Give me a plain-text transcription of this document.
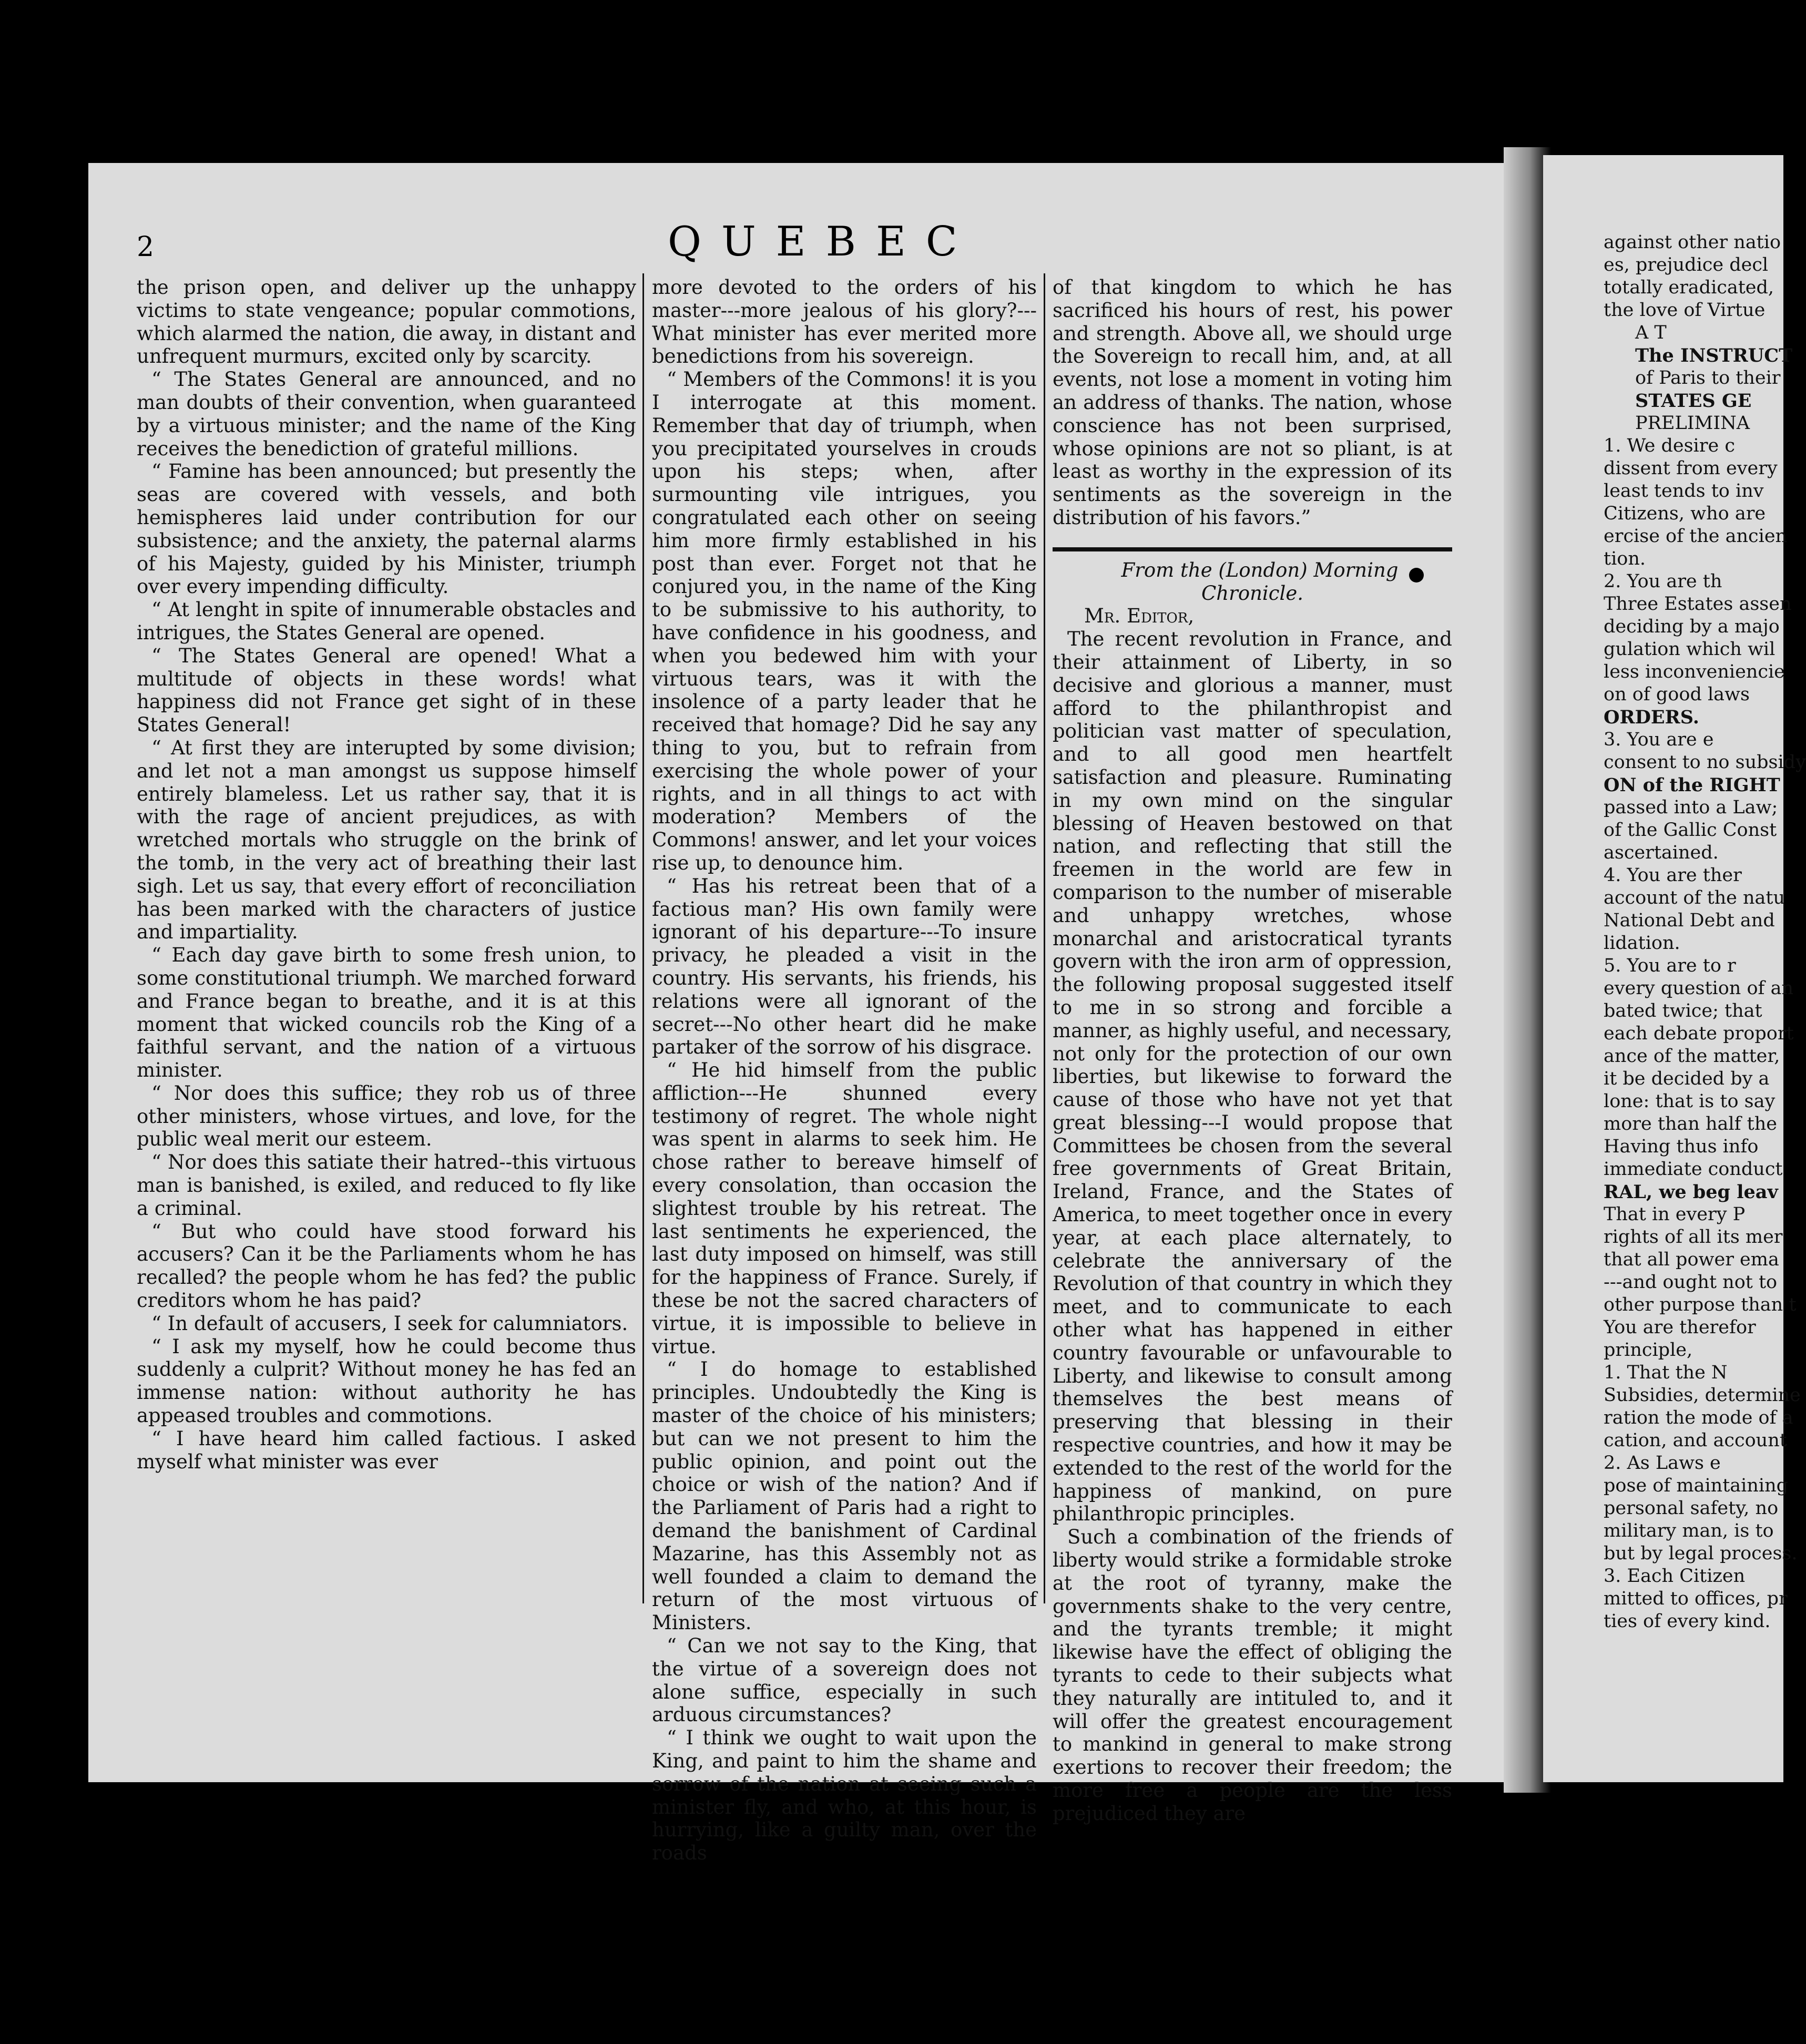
2	QUEBEC

the prison open, and deliver up the unhappy victims to state vengeance; popular commotions, which alarmed the nation, die away, in distant and unfrequent murmurs, excited only by scarcity.

“ The States General are announced, and no man doubts of their convention, when guaranteed by a virtuous minister; and the name of the King receives the benediction of grateful millions.

“ Famine has been announced; but presently the seas are covered with vessels, and both hemispheres laid under contribution for our subsistence; and the anxiety, the paternal alarms of his Majesty, guided by his Minister, triumph over every impending difficulty.

“ At lenght in spite of innumerable obstacles and intrigues, the States General are opened.

“ The States General are opened! What a multitude of objects in these words! what happiness did not France get sight of in these States General!

“ At first they are interupted by some division; and let not a man amongst us suppose himself entirely blameless. Let us rather say, that it is with the rage of ancient prejudices, as with wretched mortals who struggle on the brink of the tomb, in the very act of breathing their last sigh. Let us say, that every effort of reconciliation has been marked with the characters of justice and impartiality.

“ Each day gave birth to some fresh union, to some constitutional triumph. We marched forward and France began to breathe, and it is at this moment that wicked councils rob the King of a faithful servant, and the nation of a virtuous minister.

“ Nor does this suffice; they rob us of three other ministers, whose virtues, and love, for the public weal merit our esteem.

“ Nor does this satiate their hatred--this virtuous man is banished, is exiled, and reduced to fly like a criminal.

“ But who could have stood forward his accusers? Can it be the Parliaments whom he has recalled? the people whom he has fed? the public creditors whom he has paid?

“ In default of accusers, I seek for calumniators.

“ I ask my myself, how he could become thus suddenly a culprit? Without money he has fed an immense nation: without authority he has appeased troubles and commotions.

“ I have heard him called factious. I asked myself what minister was ever

more devoted to the orders of his master---more jealous of his glory?---What minister has ever merited more benedictions from his sovereign.

“ Members of the Commons! it is you I interrogate at this moment. Remember that day of triumph, when you precipitated yourselves in crouds upon his steps; when, after surmounting vile intrigues, you congratulated each other on seeing him more firmly established in his post than ever. Forget not that he conjured you, in the name of the King to be submissive to his authority, to have confidence in his goodness, and when you bedewed him with your virtuous tears, was it with the insolence of a party leader that he received that homage? Did he say any thing to you, but to refrain from exercising the whole power of your rights, and in all things to act with moderation? Members of the Commons! answer, and let your voices rise up, to denounce him.

“ Has his retreat been that of a factious man? His own family were ignorant of his departure---To insure privacy, he pleaded a visit in the country. His servants, his friends, his relations were all ignorant of the secret---No other heart did he make partaker of the sorrow of his disgrace.

“ He hid himself from the public affliction---He shunned every testimony of regret. The whole night was spent in alarms to seek him. He chose rather to bereave himself of every consolation, than occasion the slightest trouble by his retreat. The last sentiments he experienced, the last duty imposed on himself, was still for the happiness of France. Surely, if these be not the sacred characters of virtue, it is impossible to believe in virtue.

“ I do homage to established principles. Undoubtedly the King is master of the choice of his ministers; but can we not present to him the public opinion, and point out the choice or wish of the nation? And if the Parliament of Paris had a right to demand the banishment of Cardinal Mazarine, has this Assembly not as well founded a claim to demand the return of the most virtuous of Ministers.

“ Can we not say to the King, that the virtue of a sovereign does not alone suffice, especially in such arduous circumstances?

“ I think we ought to wait upon the King, and paint to him the shame and sorrow of the nation at seeing such a minister fly, and who, at this hour, is hurrying, like a guilty man, over the roads

of that kingdom to which he has sacrificed his hours of rest, his power and strength. Above all, we should urge the Sovereign to recall him, and, at all events, not lose a moment in voting him an address of thanks. The nation, whose conscience has not been surprised, whose opinions are not so pliant, is at least as worthy in the expression of its sentiments as the sovereign in the distribution of his favors.”

From the (London) Morning Chronicle.

Mr. Editor,

The recent revolution in France, and their attainment of Liberty, in so decisive and glorious a manner, must afford to the philanthropist and politician vast matter of speculation, and to all good men heartfelt satisfaction and pleasure. Ruminating in my own mind on the singular blessing of Heaven bestowed on that nation, and reflecting that still the freemen in the world are few in comparison to the number of miserable and unhappy wretches, whose monarchal and aristocratical tyrants govern with the iron arm of oppression, the following proposal suggested itself to me in so strong and forcible a manner, as highly useful, and necessary, not only for the protection of our own liberties, but likewise to forward the cause of those who have not yet that great blessing---I would propose that Committees be chosen from the several free governments of Great Britain, Ireland, France, and the States of America, to meet together once in every year, at each place alternately, to celebrate the anniversary of the Revolution of that country in which they meet, and to communicate to each other what has happened in either country favourable or unfavourable to Liberty, and likewise to consult among themselves the best means of preserving that blessing in their respective countries, and how it may be extended to the rest of the world for the happiness of mankind, on pure philanthropic principles.

Such a combination of the friends of liberty would strike a formidable stroke at the root of tyranny, make the governments shake to the very centre, and the tyrants tremble; it might likewise have the effect of obliging the tyrants to cede to their subjects what they naturally are intituled to, and it will offer the greatest encouragement to mankind in general to make strong exertions to recover their freedom; the more free a people are the less prejudiced they are

against other natio
es, prejudice decl
totally eradicated,
the love of Virtue
A T
The INSTRUCT
of Paris to their
STATES GE
PRELIMINA
1. We desire c
dissent from every
least tends to inv
Citizens, who are
ercise of the ancien
tion.
2. You are th
Three Estates assen
deciding by a majo
gulation which wil
less inconveniencie
on of good laws
ORDERS.
3. You are e
consent to no subsidy
ON of the RIGHT
passed into a Law;
of the Gallic Const
ascertained.
4. You are ther
account of the natu
National Debt and
lidation.
5. You are to r
every question of an
bated twice; that
each debate proport
ance of the matter,
it be decided by a
lone: that is to say
more than half the
Having thus info
immediate conduct
RAL, we beg leav
That in every P
rights of all its mer
that all power ema
---and ought not to
other purpose than t
You are therefor
principle,
1. That the N
Subsidies, determine
ration the mode of a
cation, and account
2. As Laws e
pose of maintaining
personal safety, no
military man, is to
but by legal process.
3. Each Citizen
mitted to offices, pr
ties of every kind.
